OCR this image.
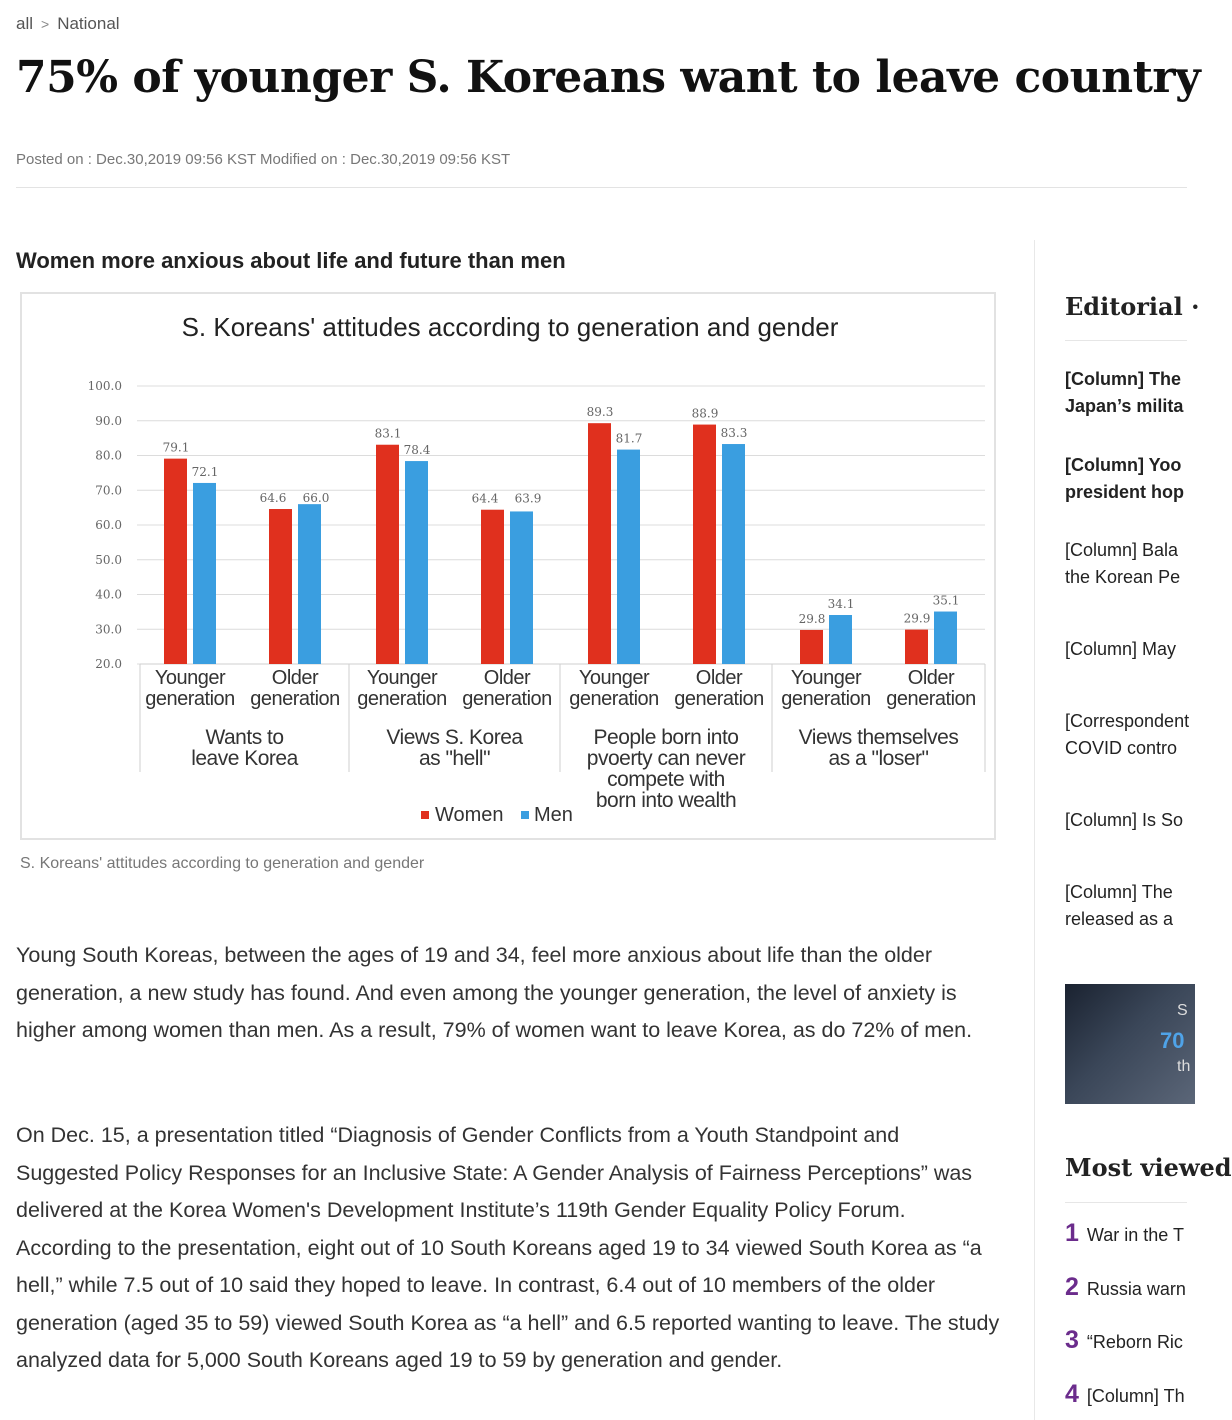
all > National
75% of younger S. Koreans want to leave country
Posted on : Dec.30,2019 09:56 KST Modified on : Dec.30,2019 09:56 KST
Women more anxious about life and future than men
S. Koreans' attitudes according to generation and gender
20.0
30.0
40.0
50.0
60.0
70.0
80.0
90.0
100.0
79.1
72.1
Younger
generation
64.6 66.0
Older
generation
83.1
78.4
Younger
generation
64.4 63.9
Older
generation
89.3
81.7
Younger
generation
88.9
83.3
Older
generation
29.8
34.1
Younger
generation
29.9
35.1
Older
generation
Wants to
leave Korea
Views S. Korea
as "hell"
People born into
pvoerty can never
compete with
born into wealth
Views themselves
as a "loser"
Women Men
S. Koreans' attitudes according to generation and gender

Young South Koreas, between the ages of 19 and 34, feel more anxious about life than the older generation, a new study has found. And even among the younger generation, the level of anxiety is higher among women than men. As a result, 79% of women want to leave Korea, as do 72% of men.

On Dec. 15, a presentation titled “Diagnosis of Gender Conflicts from a Youth Standpoint and Suggested Policy Responses for an Inclusive State: A Gender Analysis of Fairness Perceptions” was delivered at the Korea Women's Development Institute’s 119th Gender Equality Policy Forum. According to the presentation, eight out of 10 South Koreans aged 19 to 34 viewed South Korea as “a hell,” while 7.5 out of 10 said they hoped to leave. In contrast, 6.4 out of 10 members of the older generation (aged 35 to 59) viewed South Korea as “a hell” and 6.5 reported wanting to leave. The study analyzed data for 5,000 South Koreans aged 19 to 59 by generation and gender.

Editorial ·
[Column] The
Japan’s milita
[Column] Yoo
president hop
[Column] Bala
the Korean Pe
[Column] May
[Correspondent
COVID contro
[Column] Is So
[Column] The
released as a
S
70
th
Most viewed
1 War in the T
2 Russia warn
3 “Reborn Ric
4 [Column] Th
